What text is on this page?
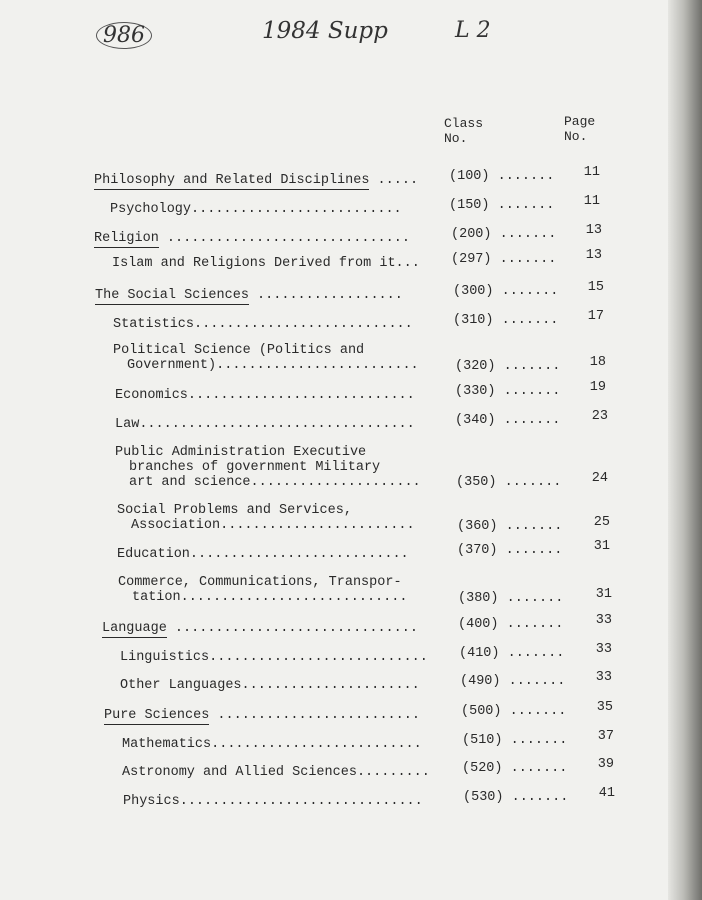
986	1984 Supp	L 2
Class
No.
Page
No.
Philosophy and Related Disciplines ..... (100) .......	11
Psychology..........................	(150) .......	11
Religion ..............................	(200) .......	13
Islam and Religions Derived from it... (297) .......	13
The Social Sciences ..................	(300) .......	15
Statistics...........................	(310) .......	17
Political Science (Politics and
Government).........................	(320) .......	18
Economics............................	(330) .......	19
Law..................................	(340) .......	23
Public Administration Executive
branches of government Military
art and science.....................	(350) .......	24
Social Problems and Services,
Association........................	(360) .......	25
Education...........................	(370) .......	31
Commerce, Communications, Transpor-
tation............................	(380) .......	31
Language ..............................	(400) .......	33
Linguistics........................... (410) .......	33
Other Languages......................	(490) .......	33
Pure Sciences .........................	(500) .......	35
Mathematics..........................	(510) .......	37
Astronomy and Allied Sciences......... (520) .......	39
Physics..............................	(530) .......	41
